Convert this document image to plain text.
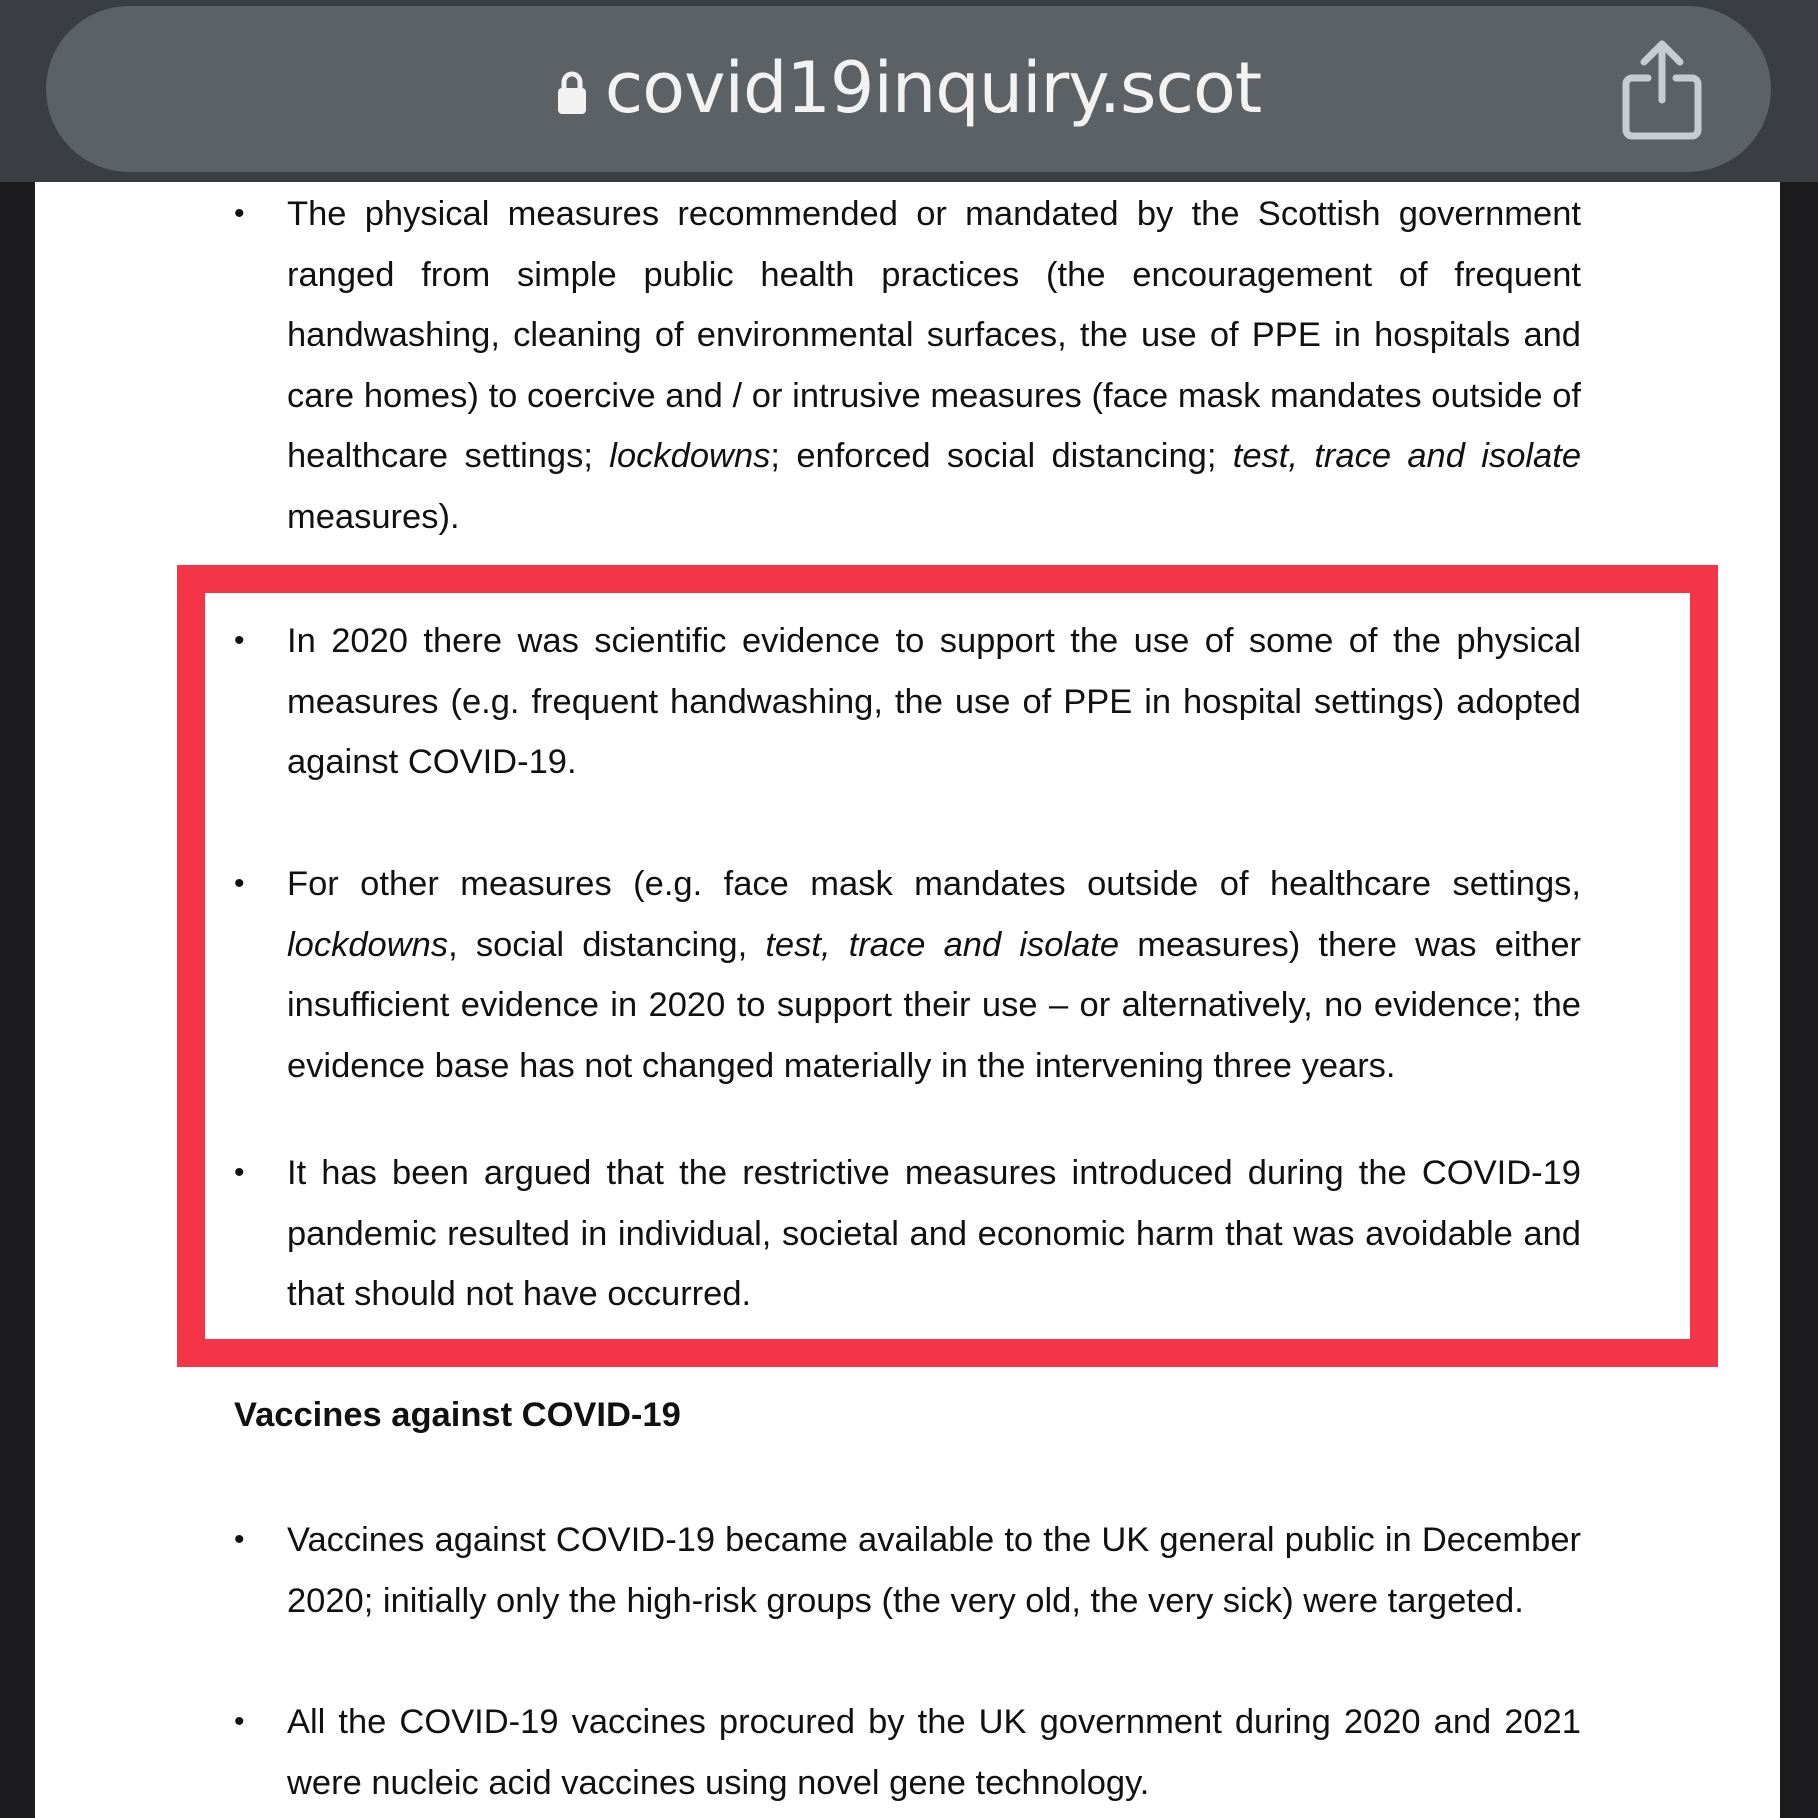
covid19inquiry.scot
• The physical measures recommended or mandated by the Scottish government ranged from simple public health practices (the encouragement of frequent handwashing, cleaning of environmental surfaces, the use of PPE in hospitals and care homes) to coercive and / or intrusive measures (face mask mandates outside of healthcare settings; lockdowns; enforced social distancing; test, trace and isolate measures).
• In 2020 there was scientific evidence to support the use of some of the physical measures (e.g. frequent handwashing, the use of PPE in hospital settings) adopted against COVID-19.
• For other measures (e.g. face mask mandates outside of healthcare settings, lockdowns, social distancing, test, trace and isolate measures) there was either insufficient evidence in 2020 to support their use – or alternatively, no evidence; the evidence base has not changed materially in the intervening three years.
• It has been argued that the restrictive measures introduced during the COVID-19 pandemic resulted in individual, societal and economic harm that was avoidable and that should not have occurred.
Vaccines against COVID-19
• Vaccines against COVID-19 became available to the UK general public in December 2020; initially only the high-risk groups (the very old, the very sick) were targeted.
• All the COVID-19 vaccines procured by the UK government during 2020 and 2021 were nucleic acid vaccines using novel gene technology.
